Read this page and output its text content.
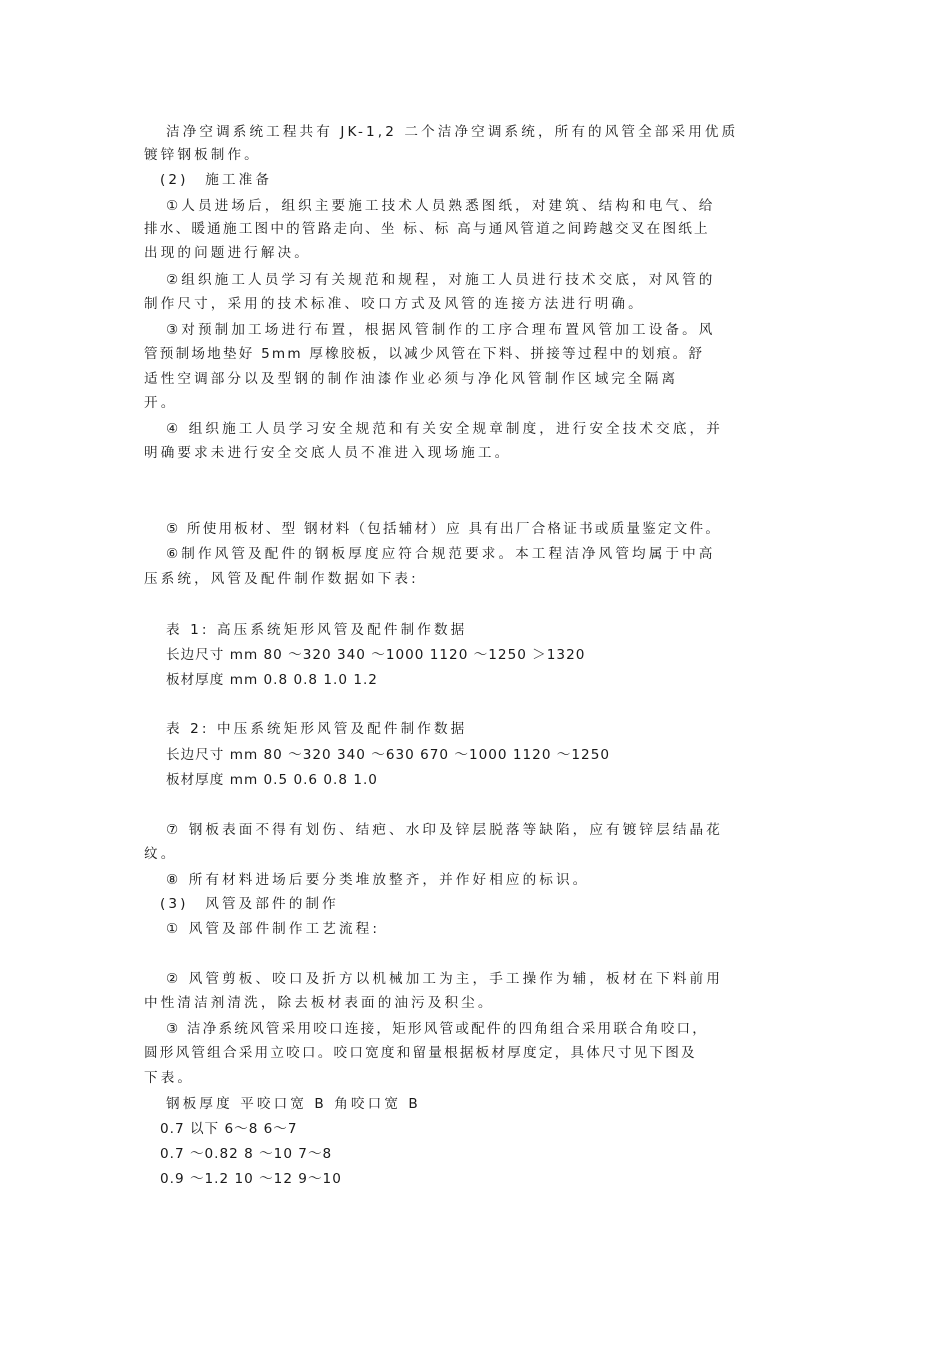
洁净空调系统工程共有 JK-1,2 二个洁净空调系统，所有的风管全部采用优质
镀锌钢板制作。
(2)　施工准备
①人员进场后，组织主要施工技术人员熟悉图纸，对建筑、结构和电气、给
排水、暖通施工图中的管路走向、坐 标、标 高与通风管道之间跨越交叉在图纸上
出现的问题进行解决。
②组织施工人员学习有关规范和规程，对施工人员进行技术交底，对风管的
制作尺寸，采用的技术标准、咬口方式及风管的连接方法进行明确。
③对预制加工场进行布置，根据风管制作的工序合理布置风管加工设备。风
管预制场地垫好 5mm 厚橡胶板，以减少风管在下料、拼接等过程中的划痕。舒
适性空调部分以及型钢的制作油漆作业必须与净化风管制作区域完全隔离
开。
④ 组织施工人员学习安全规范和有关安全规章制度，进行安全技术交底，并
明确要求未进行安全交底人员不准进入现场施工。
⑤ 所使用板材、型 钢材料（包括辅材）应 具有出厂合格证书或质量鉴定文件。
⑥制作风管及配件的钢板厚度应符合规范要求。本工程洁净风管均属于中高
压系统，风管及配件制作数据如下表:
表 1: 高压系统矩形风管及配件制作数据
长边尺寸 mm 80 ～320 340 ～1000 1120 ～1250 ＞1320
板材厚度 mm 0.8 0.8 1.0 1.2
表 2: 中压系统矩形风管及配件制作数据
长边尺寸 mm 80 ～320 340 ～630 670 ～1000 1120 ～1250
板材厚度 mm 0.5 0.6 0.8 1.0
⑦ 钢板表面不得有划伤、结疤、水印及锌层脱落等缺陷，应有镀锌层结晶花
纹。
⑧ 所有材料进场后要分类堆放整齐，并作好相应的标识。
(3)　风管及部件的制作
① 风管及部件制作工艺流程:
② 风管剪板、咬口及折方以机械加工为主，手工操作为辅，板材在下料前用
中性清洁剂清洗，除去板材表面的油污及积尘。
③ 洁净系统风管采用咬口连接，矩形风管或配件的四角组合采用联合角咬口，
圆形风管组合采用立咬口。咬口宽度和留量根据板材厚度定，具体尺寸见下图及
下表。
钢板厚度 平咬口宽 B 角咬口宽 B
0.7 以下 6～8 6～7
0.7 ～0.82 8 ～10 7～8
0.9 ～1.2 10 ～12 9～10
